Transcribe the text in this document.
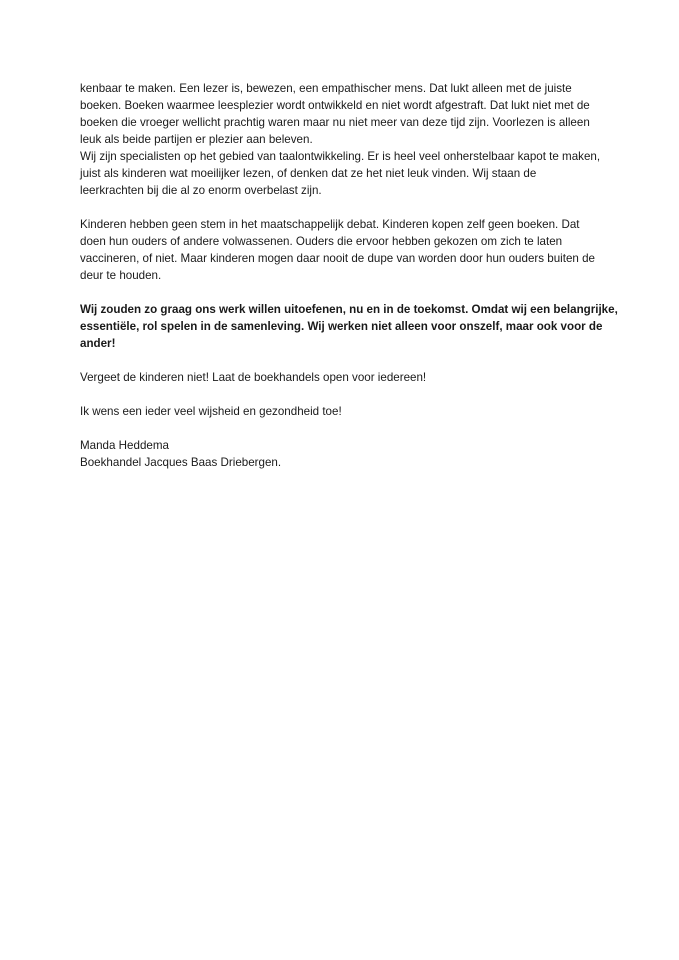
kenbaar te maken. Een lezer is, bewezen, een empathischer mens. Dat lukt alleen met de juiste
boeken. Boeken waarmee leesplezier wordt ontwikkeld en niet wordt afgestraft. Dat lukt niet met de
boeken die vroeger wellicht prachtig waren maar nu niet meer van deze tijd zijn. Voorlezen is alleen
leuk als beide partijen er plezier aan beleven.

Wij zijn specialisten op het gebied van taalontwikkeling. Er is heel veel onherstelbaar kapot te maken,
juist als kinderen wat moeilijker lezen, of denken dat ze het niet leuk vinden. Wij staan de
leerkrachten bij die al zo enorm overbelast zijn.

Kinderen hebben geen stem in het maatschappelijk debat. Kinderen kopen zelf geen boeken. Dat
doen hun ouders of andere volwassenen. Ouders die ervoor hebben gekozen om zich te laten
vaccineren, of niet. Maar kinderen mogen daar nooit de dupe van worden door hun ouders buiten de
deur te houden.

Wij zouden zo graag ons werk willen uitoefenen, nu en in de toekomst. Omdat wij een belangrijke,
essentiële, rol spelen in de samenleving. Wij werken niet alleen voor onszelf, maar ook voor de
ander!

Vergeet de kinderen niet! Laat de boekhandels open voor iedereen!

Ik wens een ieder veel wijsheid en gezondheid toe!

Manda Heddema
Boekhandel Jacques Baas Driebergen.
